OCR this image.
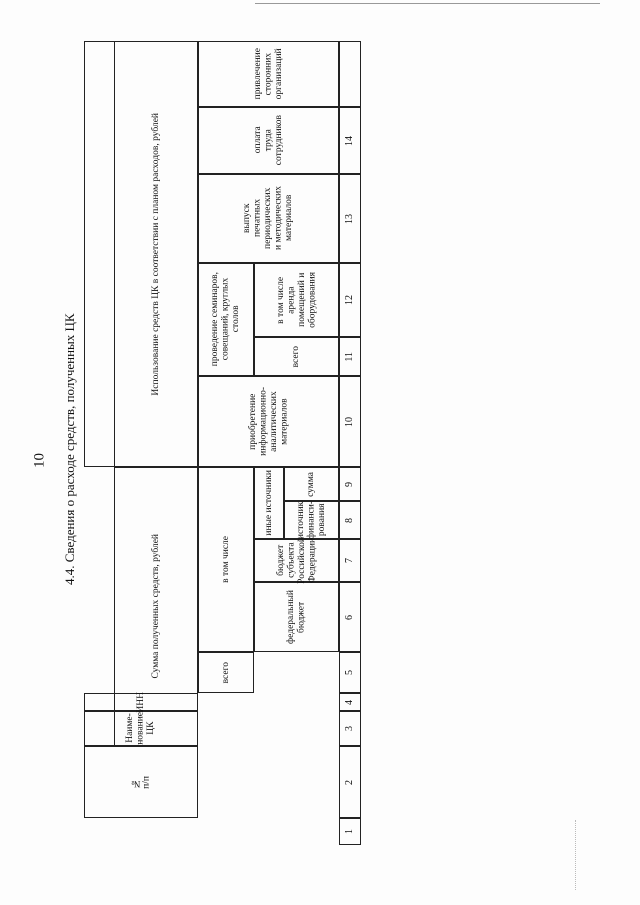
10 4.4. Сведения о расходе средств, полученных ЦК
Сумма полученных средств, рублей
№
п/п
Наиме-
нование
ЦК
ИНН
всего
в том числе
федеральный
бюджет
бюджет
субъекта
Российской
Федерации
иные источники источник
финанси-
рования
сумма
Использование средств ЦК в соответствии с планом расходов, рублей
приобретение
информационно-
аналитических
материалов
проведение семинаров,
совещаний, круглых
столов
всего
в том числе
аренда
помещений и
оборудования
выпуск
печатных
периодических
и методических
материалов
оплата
труда
сотрудников
привлечение
сторонних
организаций
1
2
3
4
5
6
7
8
9
10
11
12
13
14
